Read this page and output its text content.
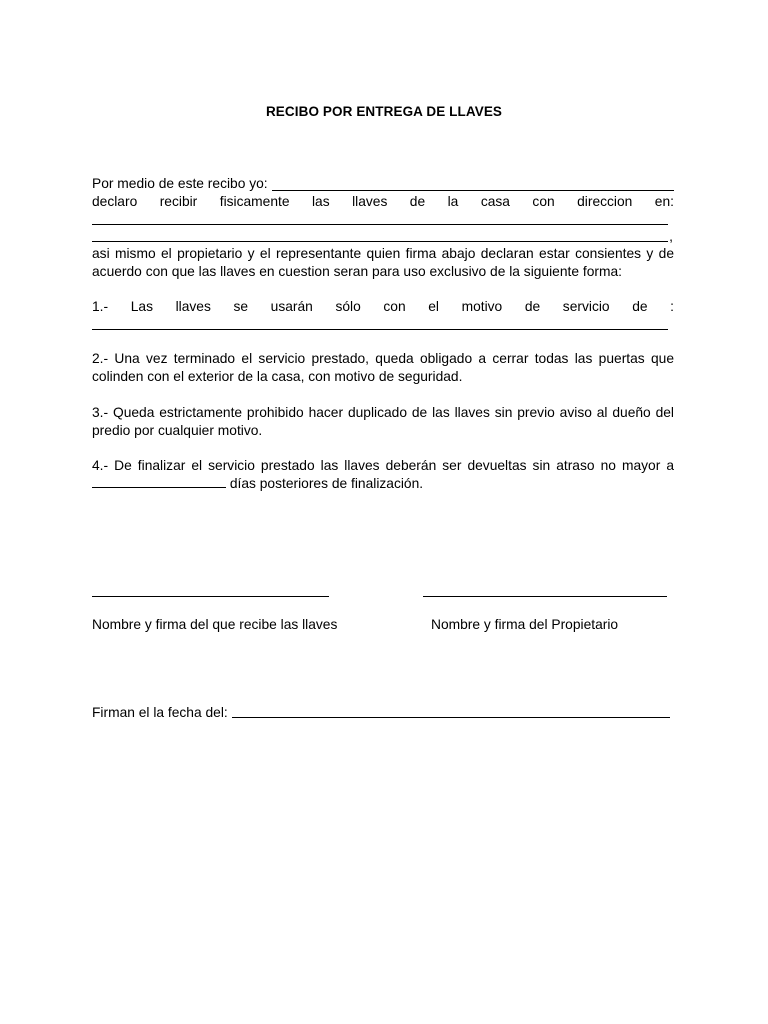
RECIBO POR ENTREGA DE LLAVES
Por medio de este recibo yo:
declaro recibir fisicamente las llaves de la casa con direccion en:
,
asi mismo el propietario y el representante quien firma abajo declaran estar consientes y de acuerdo con que las llaves en cuestion seran para uso exclusivo de la siguiente forma:
1.- Las llaves se usarán sólo con el motivo de servicio de :
2.- Una vez terminado el servicio prestado, queda obligado a cerrar todas las puertas que colinden con el exterior de la casa, con motivo de seguridad.
3.- Queda estrictamente prohibido hacer duplicado de las llaves sin previo aviso al dueño del predio por cualquier motivo.
4.- De finalizar el servicio prestado las llaves deberán ser devueltas sin atraso no mayor a
días posteriores de finalización.
Nombre y firma del que recibe las llaves	Nombre y firma del Propietario
Firman el la fecha del:
